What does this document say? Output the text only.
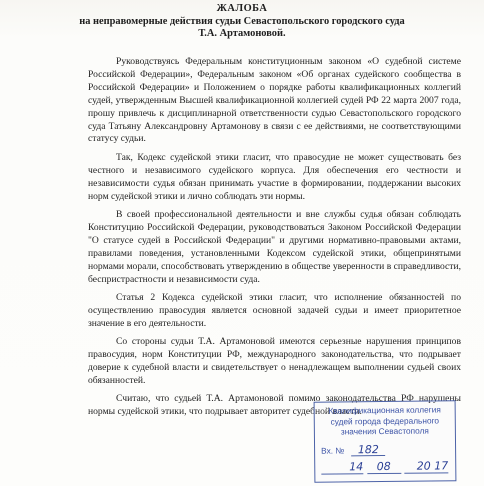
ЖАЛОБА
на неправомерные действия судьи Севастопольского городского суда
Т.А. Артамоновой.

Руководствуясь Федеральным конституционным законом «О судебной системе Российской Федерации», Федеральным законом «Об органах судейского сообщества в Российской Федерации» и Положением о порядке работы квалификационных коллегий судей, утвержденным Высшей квалификационной коллегией судей РФ 22 марта 2007 года, прошу привлечь к дисциплинарной ответственности судью Севастопольского городского суда Татьяну Александровну Артамонову в связи с ее действиями, не соответствующими статусу судьи.

Так, Кодекс судейской этики гласит, что правосудие не может существовать без честного и независимого судейского корпуса. Для обеспечения его честности и независимости судья обязан принимать участие в формировании, поддержании высоких норм судейской этики и лично соблюдать эти нормы.

В своей профессиональной деятельности и вне службы судья обязан соблюдать Конституцию Российской Федерации, руководствоваться Законом Российской Федерации "О статусе судей в Российской Федерации" и другими нормативно-правовыми актами, правилами поведения, установленными Кодексом судейской этики, общепринятыми нормами морали, способствовать утверждению в обществе уверенности в справедливости, беспристрастности и независимости суда.

Статья 2 Кодекса судейской этики гласит, что исполнение обязанностей по осуществлению правосудия является основной задачей судьи и имеет приоритетное значение в его деятельности.

Со стороны судьи Т.А. Артамоновой имеются серьезные нарушения принципов правосудия, норм Конституции РФ, международного законодательства, что подрывает доверие к судебной власти и свидетельствует о ненадлежащем выполнении судьей своих обязанностей.

Считаю, что судьей Т.А. Артамоновой помимо законодательства РФ нарушены нормы судейской этики, что подрывает авторитет судебной власти.

Квалификационная коллегия
судей города федерального
значения Севастополя
Вх. № 182
14 08 20 17
